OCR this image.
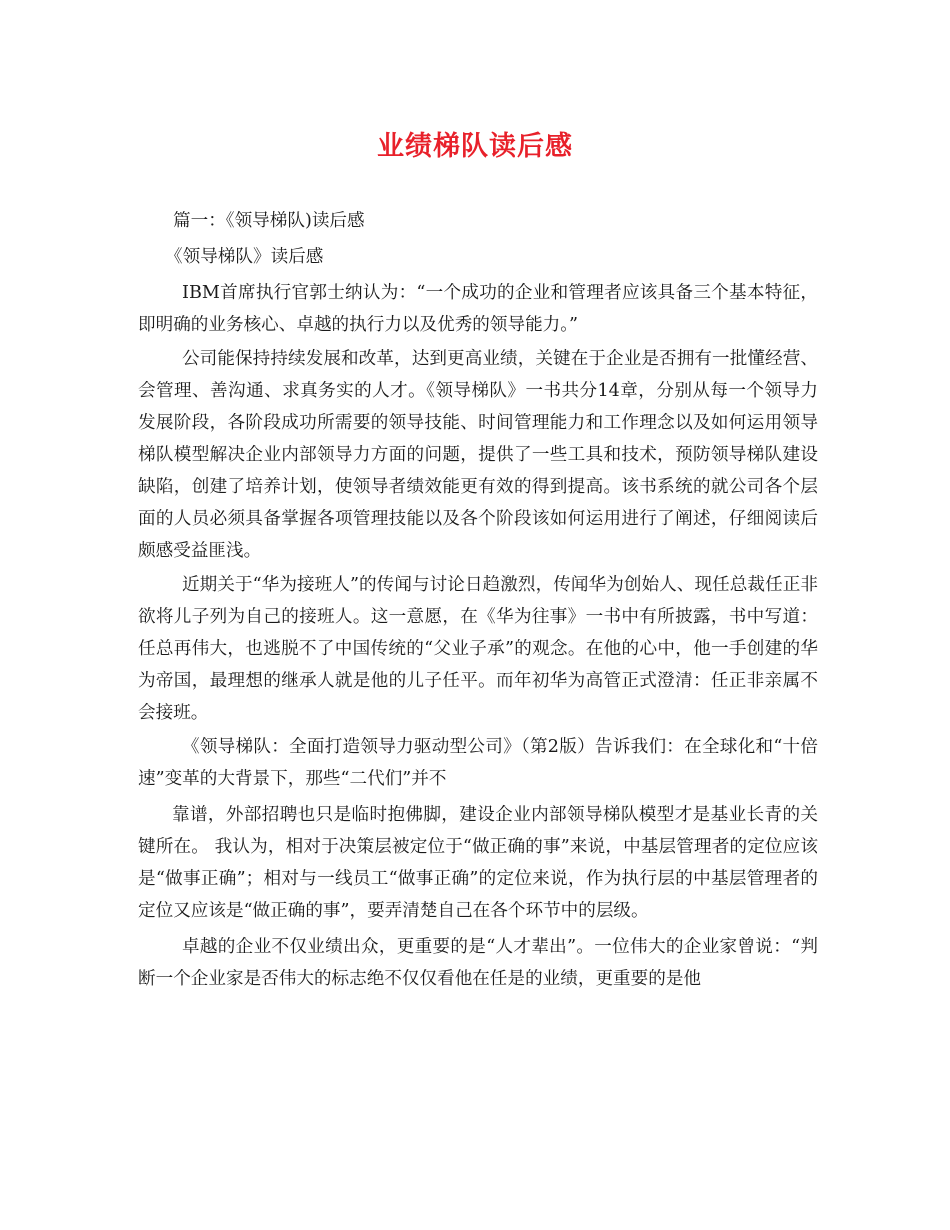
业绩梯队读后感

篇一：《领导梯队)读后感

《领导梯队》读后感

IBM首席执行官郭士纳认为：“一个成功的企业和管理者应该具备三个基本特征，即明确的业务核心、卓越的执行力以及优秀的领导能力。”

公司能保持持续发展和改革，达到更高业绩，关键在于企业是否拥有一批懂经营、会管理、善沟通、求真务实的人才。《领导梯队》一书共分14章，分别从每一个领导力发展阶段，各阶段成功所需要的领导技能、时间管理能力和工作理念以及如何运用领导梯队模型解决企业内部领导力方面的问题，提供了一些工具和技术，预防领导梯队建设缺陷，创建了培养计划，使领导者绩效能更有效的得到提高。该书系统的就公司各个层面的人员必须具备掌握各项管理技能以及各个阶段该如何运用进行了阐述，仔细阅读后颇感受益匪浅。

近期关于“华为接班人”的传闻与讨论日趋激烈，传闻华为创始人、现任总裁任正非欲将儿子列为自己的接班人。这一意愿，在《华为往事》一书中有所披露，书中写道：任总再伟大，也逃脱不了中国传统的“父业子承”的观念。在他的心中，他一手创建的华为帝国，最理想的继承人就是他的儿子任平。而年初华为高管正式澄清：任正非亲属不会接班。

《领导梯队：全面打造领导力驱动型公司》（第2版）告诉我们：在全球化和“十倍速”变革的大背景下，那些“二代们”并不

靠谱，外部招聘也只是临时抱佛脚，建设企业内部领导梯队模型才是基业长青的关键所在。 我认为，相对于决策层被定位于“做正确的事”来说，中基层管理者的定位应该是“做事正确”；相对与一线员工“做事正确”的定位来说，作为执行层的中基层管理者的定位又应该是“做正确的事”，要弄清楚自己在各个环节中的层级。

卓越的企业不仅业绩出众，更重要的是“人才辈出”。一位伟大的企业家曾说：“判断一个企业家是否伟大的标志绝不仅仅看他在任是的业绩，更重要的是他
